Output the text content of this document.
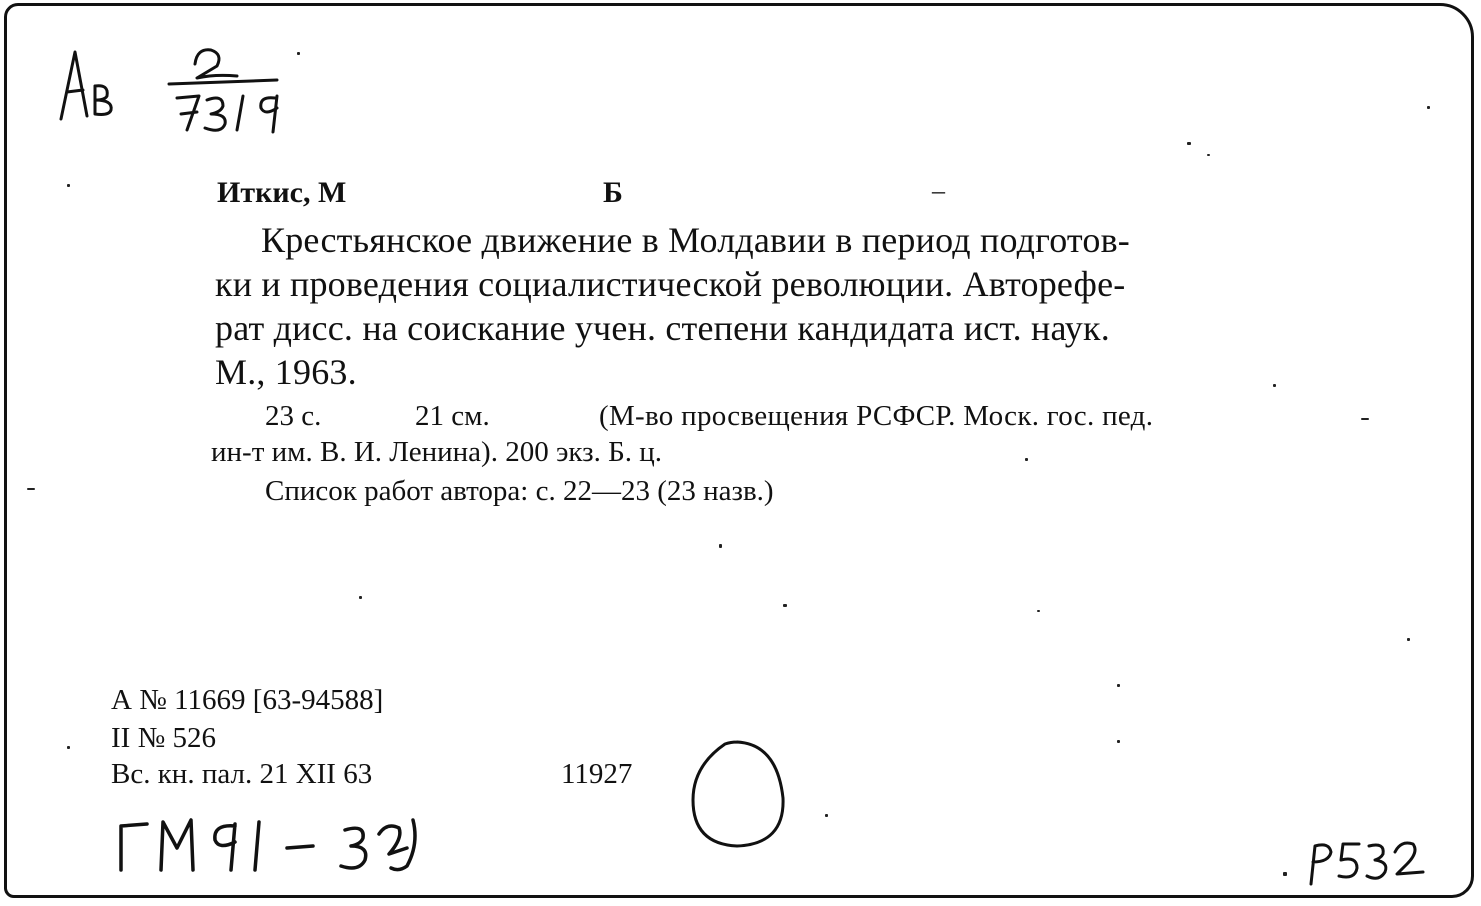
Иткис, М	Б	–
Крестьянское движение в Молдавии в период подготов-
ки и проведения социалистической революции. Авторефе-
рат дисс. на соискание учен. степени кандидата ист. наук.
М., 1963.
23 с.	21 см.	(М-во просвещения РСФСР. Моск. гос. пед.
ин-т им. В. И. Ленина). 200 экз. Б. ц.
Список работ автора: с. 22—23 (23 назв.)
А № 11669 [63-94588]
II № 526
Вс. кн. пал. 21 XII 63	11927
